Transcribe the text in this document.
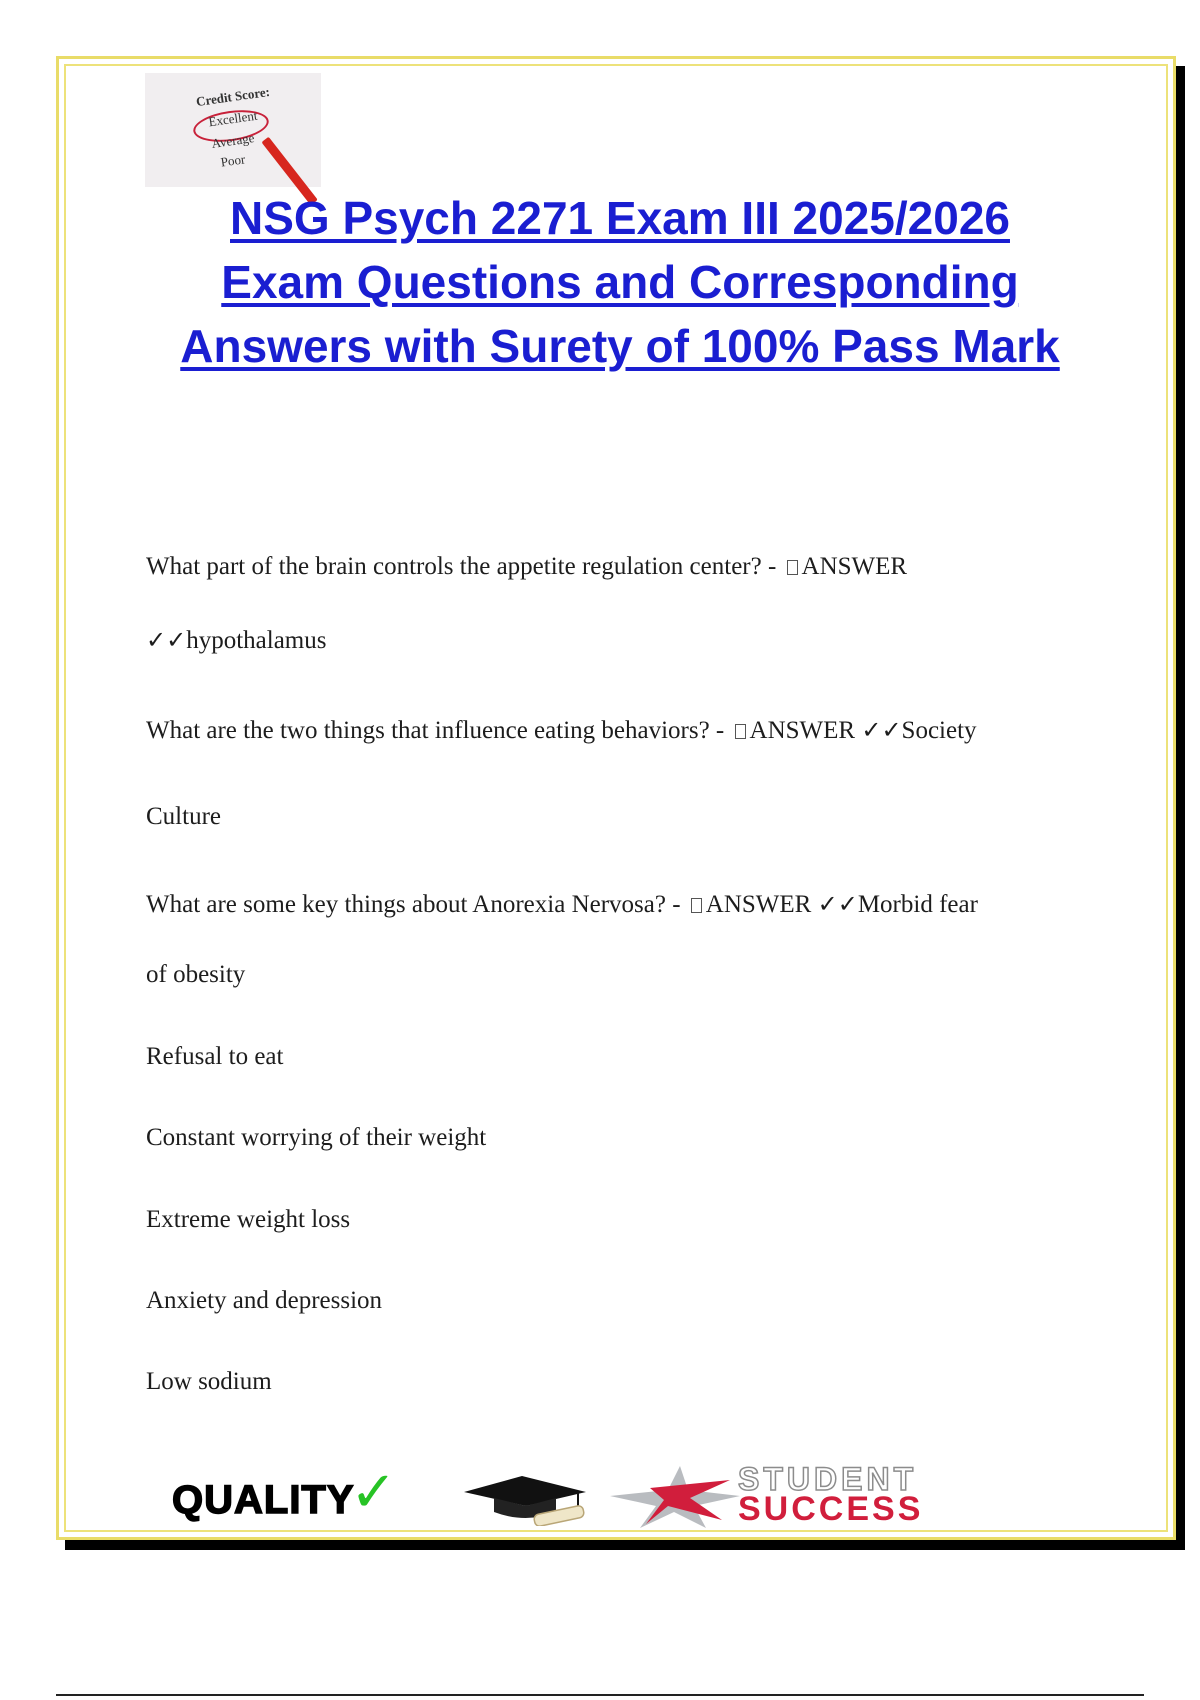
Credit Score:
Excellent
Average
Poor
NSG Psych 2271 Exam III 2025/2026
Exam Questions and Corresponding
Answers with Surety of 100% Pass Mark

What part of the brain controls the appetite regulation center? - ANSWER

✓✓hypothalamus

What are the two things that influence eating behaviors? - ANSWER ✓✓Society

Culture

What are some key things about Anorexia Nervosa? - ANSWER ✓✓Morbid fear

of obesity

Refusal to eat

Constant worrying of their weight

Extreme weight loss

Anxiety and depression

Low sodium

QUALITY
✓	STUDENT
SUCCESS
